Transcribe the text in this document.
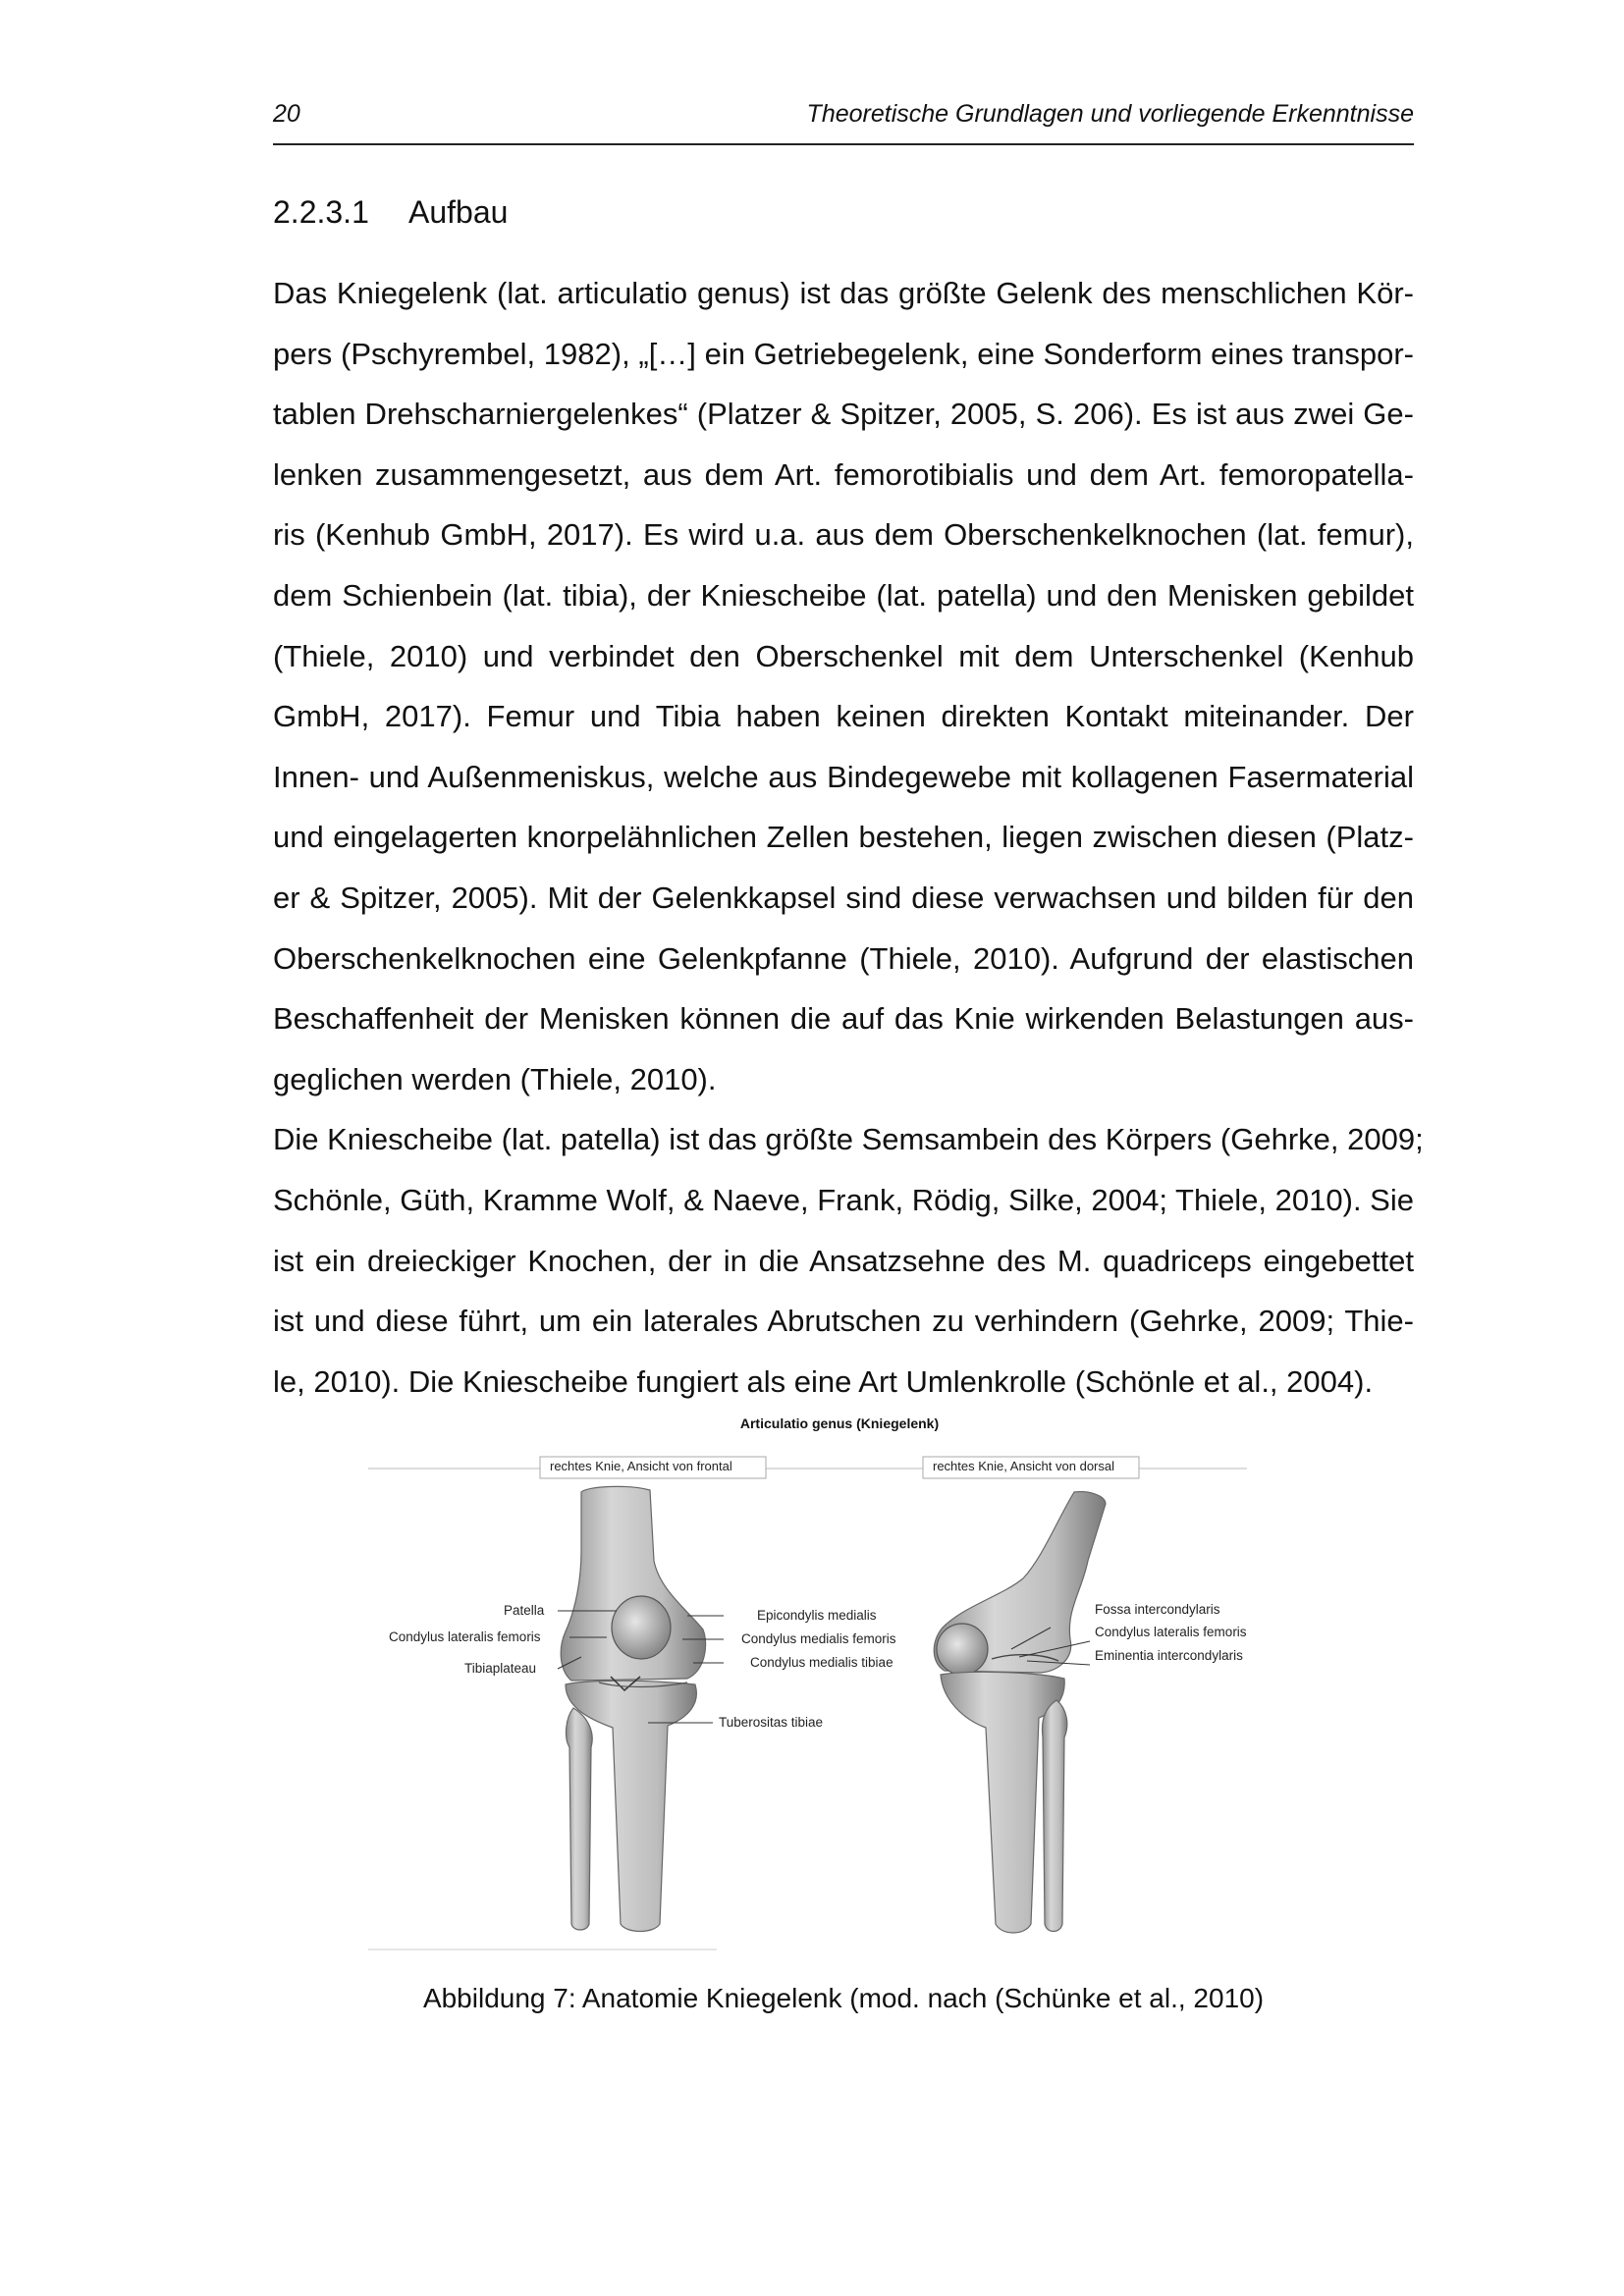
20	Theoretische Grundlagen und vorliegende Erkenntnisse
2.2.3.1 Aufbau
Das Kniegelenk (lat. articulatio genus) ist das größte Gelenk des menschlichen Kör-
pers (Pschyrembel, 1982), „[…] ein Getriebegelenk, eine Sonderform eines transpor-
tablen Drehscharniergelenkes“ (Platzer & Spitzer, 2005, S. 206). Es ist aus zwei Ge-
lenken zusammengesetzt, aus dem Art. femorotibialis und dem Art. femoropatella-
ris (Kenhub GmbH, 2017). Es wird u.a. aus dem Oberschenkelknochen (lat. femur),
dem Schienbein (lat. tibia), der Kniescheibe (lat. patella) und den Menisken gebildet
(Thiele, 2010) und verbindet den Oberschenkel mit dem Unterschenkel (Kenhub
GmbH, 2017). Femur und Tibia haben keinen direkten Kontakt miteinander. Der
Innen- und Außenmeniskus, welche aus Bindegewebe mit kollagenen Fasermaterial
und eingelagerten knorpelähnlichen Zellen bestehen, liegen zwischen diesen (Platz-
er & Spitzer, 2005). Mit der Gelenkkapsel sind diese verwachsen und bilden für den
Oberschenkelknochen eine Gelenkpfanne (Thiele, 2010). Aufgrund der elastischen
Beschaffenheit der Menisken können die auf das Knie wirkenden Belastungen aus-
geglichen werden (Thiele, 2010).
Die Kniescheibe (lat. patella) ist das größte Semsambein des Körpers (Gehrke, 2009;
Schönle, Güth, Kramme Wolf, & Naeve, Frank, Rödig, Silke, 2004; Thiele, 2010). Sie
ist ein dreieckiger Knochen, der in die Ansatzsehne des M. quadriceps eingebettet
ist und diese führt, um ein laterales Abrutschen zu verhindern (Gehrke, 2009; Thie-
le, 2010). Die Kniescheibe fungiert als eine Art Umlenkrolle (Schönle et al., 2004).
Articulatio genus (Kniegelenk)
rechtes Knie, Ansicht von frontal	rechtes Knie, Ansicht von dorsal
Patella
Condylus lateralis femoris
Tibiaplateau
Epicondylis medialis
Condylus medialis femoris
Condylus medialis tibiae
Tuberositas tibiae
Fossa intercondylaris
Condylus lateralis femoris
Eminentia intercondylaris
Abbildung 7: Anatomie Kniegelenk (mod. nach (Schünke et al., 2010)
